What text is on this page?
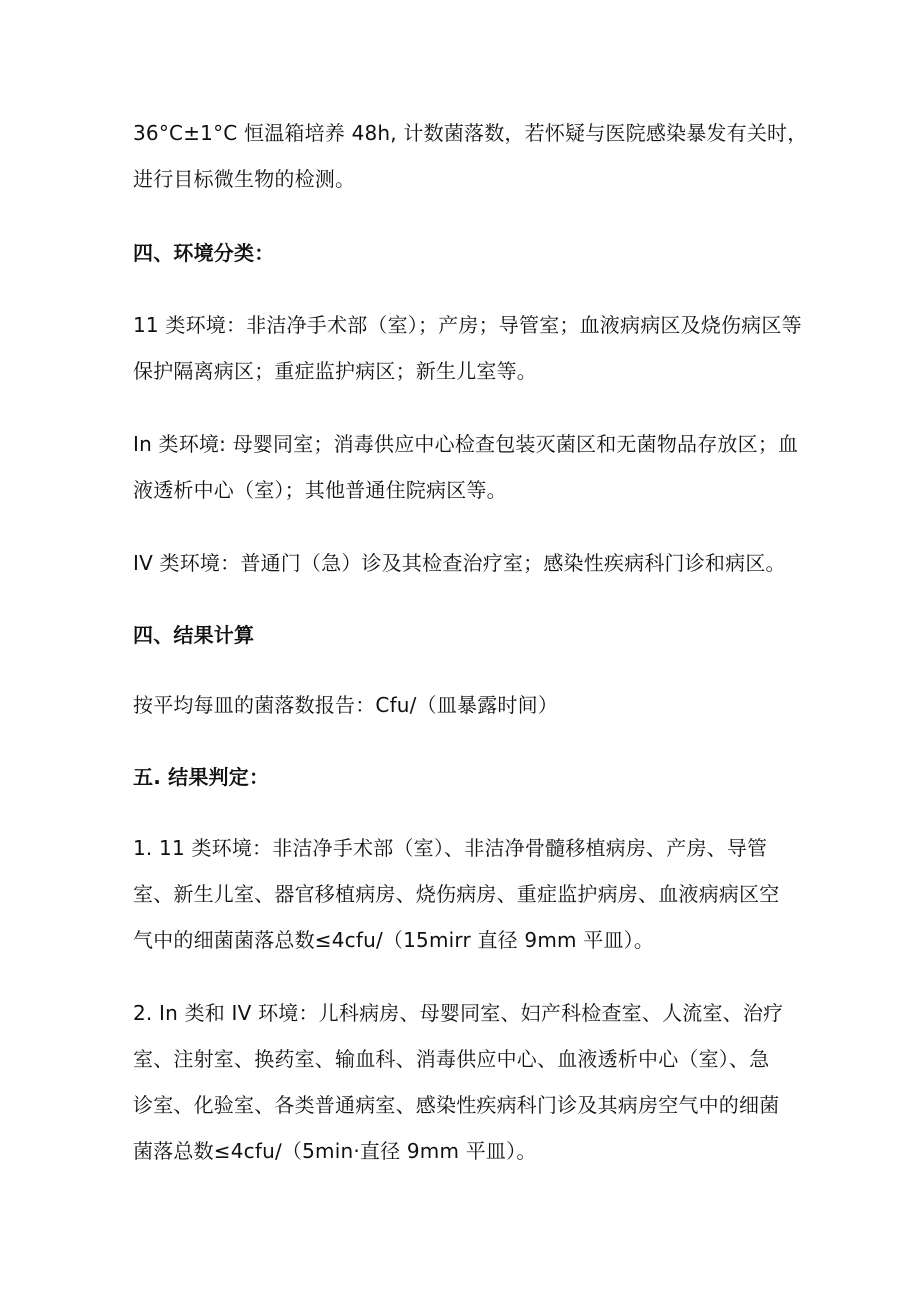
36°C±1°C 恒温箱培养 48h, 计数菌落数，若怀疑与医院感染暴发有关时，
进行目标微生物的检测。
四、环境分类：
11 类环境：非洁净手术部（室）；产房；导管室；血液病病区及烧伤病区等
保护隔离病区；重症监护病区；新生儿室等。
In 类环境: 母婴同室；消毒供应中心检查包装灭菌区和无菌物品存放区；血
液透析中心（室）；其他普通住院病区等。
IV 类环境：普通门（急）诊及其检查治疗室；感染性疾病科门诊和病区。
四、结果计算
按平均每皿的菌落数报告：Cfu/（皿暴露时间）
五. 结果判定：
1. 11 类环境：非洁净手术部（室）、非洁净骨髓移植病房、产房、导管
室、新生儿室、器官移植病房、烧伤病房、重症监护病房、血液病病区空
气中的细菌菌落总数≤4cfu/（15mirr 直径 9mm 平皿）。
2. In 类和 IV 环境：儿科病房、母婴同室、妇产科检查室、人流室、治疗
室、注射室、换药室、输血科、消毒供应中心、血液透析中心（室）、急
诊室、化验室、各类普通病室、感染性疾病科门诊及其病房空气中的细菌
菌落总数≤4cfu∕（5min·直径 9mm 平皿）。
